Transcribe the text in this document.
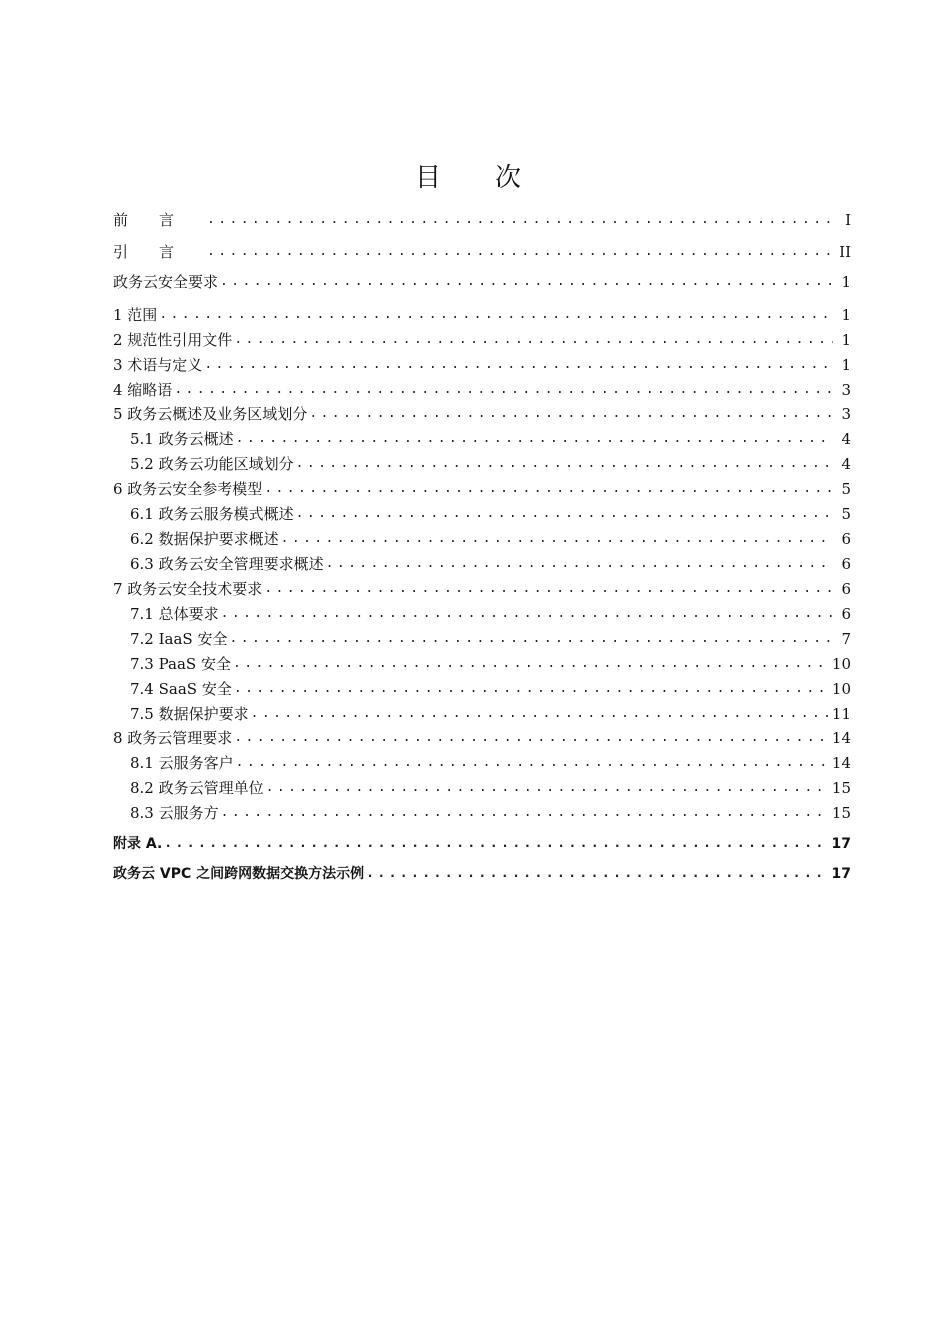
目　次
前言 .....	I
引言 .....	II
政务云安全要求 .....	1
1 范围 .....	1
2 规范性引用文件 .....	1
3 术语与定义 .....	1
4 缩略语 .....	3
5 政务云概述及业务区域划分 .....	3
5.1 政务云概述 .....	4
5.2 政务云功能区域划分 .....	4
6 政务云安全参考模型 .....	5
6.1 政务云服务模式概述 .....	5
6.2 数据保护要求概述 .....	6
6.3 政务云安全管理要求概述 .....	6
7 政务云安全技术要求 .....	6
7.1 总体要求 .....	6
7.2 IaaS 安全 .....	7
7.3 PaaS 安全 .....	10
7.4 SaaS 安全 .....	10
7.5 数据保护要求 .....	11
8 政务云管理要求 .....	14
8.1 云服务客户 .....	14
8.2 政务云管理单位 .....	15
8.3 云服务方 .....	15
附录 A. .....	17
政务云 VPC 之间跨网数据交换方法示例 .....	17
